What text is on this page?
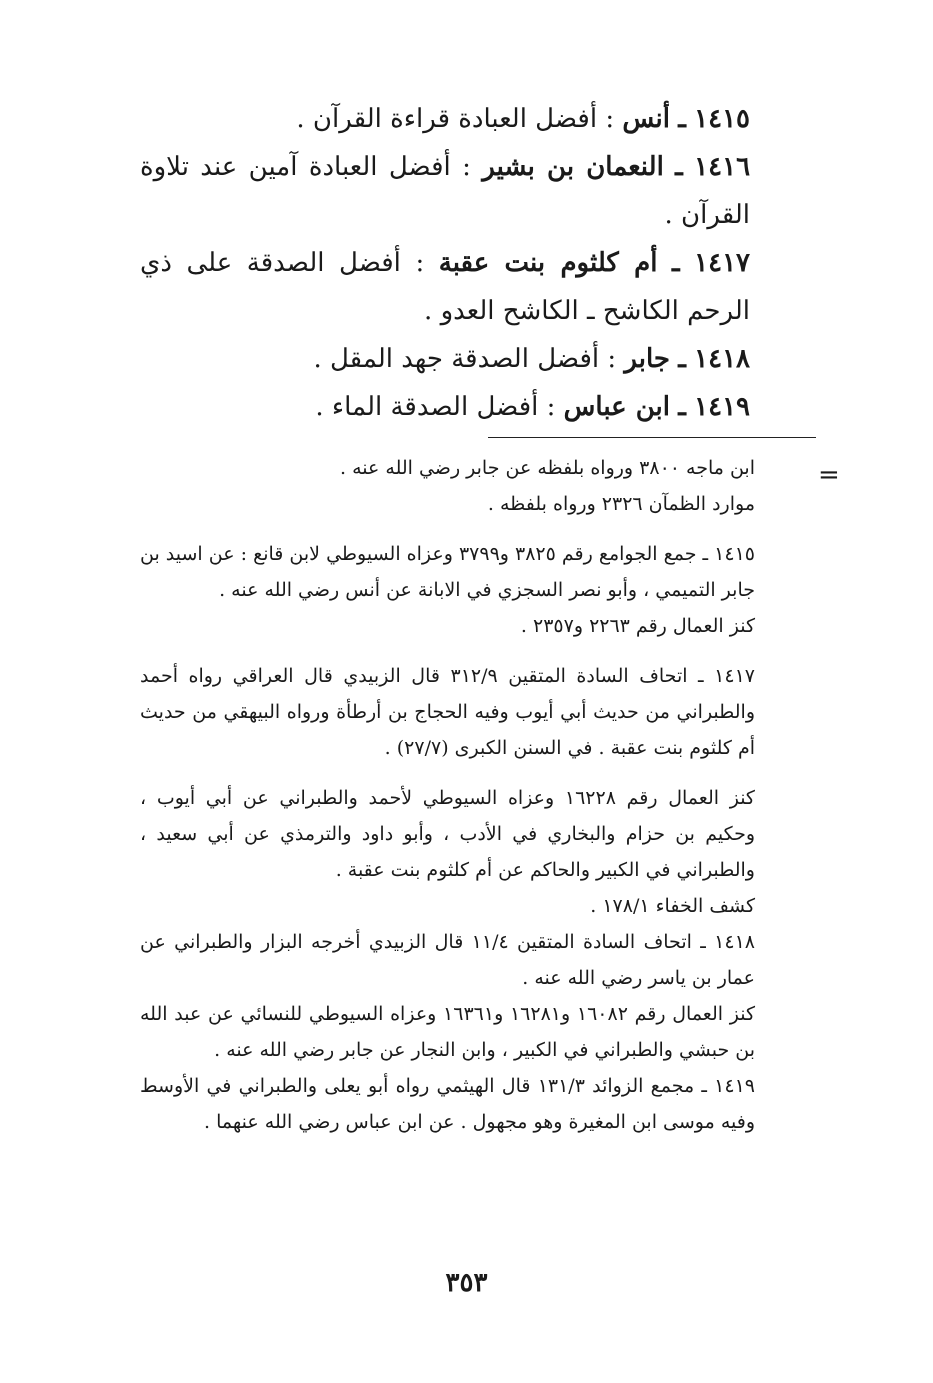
١٤١٥ ـ أنس : أفضل العبادة قراءة القرآن .

١٤١٦ ـ النعمان بن بشير : أفضل العبادة آمين عند تلاوة القرآن .

١٤١٧ ـ أم كلثوم بنت عقبة : أفضل الصدقة على ذي الرحم الكاشح ـ الكاشح العدو .

١٤١٨ ـ جابر : أفضل الصدقة جهد المقل .

١٤١٩ ـ ابن عباس : أفضل الصدقة الماء .

=

ابن ماجه ٣٨٠٠ ورواه بلفظه عن جابر رضي الله عنه .

موارد الظمآن ٢٣٢٦ ورواه بلفظه .

١٤١٥ ـ جمع الجوامع رقم ٣٨٢٥ و٣٧٩٩ وعزاه السيوطي لابن قانع : عن اسيد بن جابر التميمي ، وأبو نصر السجزي في الابانة عن أنس رضي الله عنه .

كنز العمال رقم ٢٢٦٣ و٢٣٥٧ .

١٤١٧ ـ اتحاف السادة المتقين ٣١٢/٩ قال الزبيدي قال العراقي رواه أحمد والطبراني من حديث أبي أيوب وفيه الحجاج بن أرطأة ورواه البيهقي من حديث أم كلثوم بنت عقبة . في السنن الكبرى (٢٧/٧) .

كنز العمال رقم ١٦٢٢٨ وعزاه السيوطي لأحمد والطبراني عن أبي أيوب ، وحكيم بن حزام والبخاري في الأدب ، وأبو داود والترمذي عن أبي سعيد ، والطبراني في الكبير والحاكم عن أم كلثوم بنت عقبة .

كشف الخفاء ١٧٨/١ .

١٤١٨ ـ اتحاف السادة المتقين ١١/٤ قال الزبيدي أخرجه البزار والطبراني عن عمار بن ياسر رضي الله عنه .

كنز العمال رقم ١٦٠٨٢ و١٦٢٨١ و١٦٣٦١ وعزاه السيوطي للنسائي عن عبد الله بن حبشي والطبراني في الكبير ، وابن النجار عن جابر رضي الله عنه .

١٤١٩ ـ مجمع الزوائد ١٣١/٣ قال الهيثمي رواه أبو يعلى والطبراني في الأوسط وفيه موسى ابن المغيرة وهو مجهول . عن ابن عباس رضي الله عنهما .

٣٥٣
